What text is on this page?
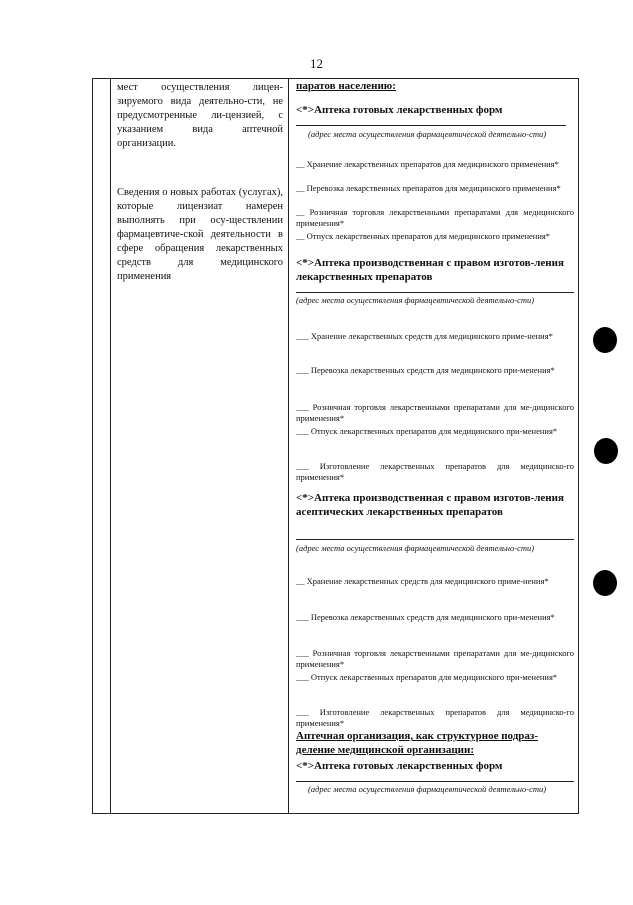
12
мест осуществления лицен-зируемого вида деятельно-сти, не предусмотренные ли-цензией, с указанием вида аптечной организации.
Сведения о новых работах (услугах), которые лицензиат намерен выполнять при осу-ществлении фармацевтиче-ской деятельности в сфере обращения лекарственных средств для медицинского применения
паратов населению:
<*>Аптека готовых лекарственных форм
(адрес места осуществления фармацевтической деятельно-сти)
__ Хранение лекарственных препаратов для медицинского применения*
__ Перевозка лекарственных препаратов для медицинского применения*
__ Розничная торговля лекарственными препаратами для медицинского применения*
__ Отпуск лекарственных препаратов для медицинского применения*
<*>Аптека производственная с правом изготов-ления лекарственных препаратов
(адрес места осуществления фармацевтической деятельно-сти)
___ Хранение лекарственных средств для медицинского приме-нения*
___ Перевозка лекарственных средств для медицинского при-менения*
___ Розничная торговля лекарственными препаратами для ме-дицинского применения*
___ Отпуск лекарственных препаратов для медицинского при-менения*
___ Изготовление лекарственных препаратов для медицинско-го применения*
<*>Аптека производственная с правом изготов-ления асептических лекарственных препаратов
(адрес места осуществления фармацевтической деятельно-сти)
__ Хранение лекарственных средств для медицинского приме-нения*
___ Перевозка лекарственных средств для медицинского при-менения*
___ Розничная торговля лекарственными препаратами для ме-дицинского применения*
___ Отпуск лекарственных препаратов для медицинского при-менения*
___ Изготовление лекарственных препаратов для медицинско-го применения*
Аптечная организация, как структурное подраз-деление медицинской организации:
<*>Аптека готовых лекарственных форм
(адрес места осуществления фармацевтической деятельно-сти)
